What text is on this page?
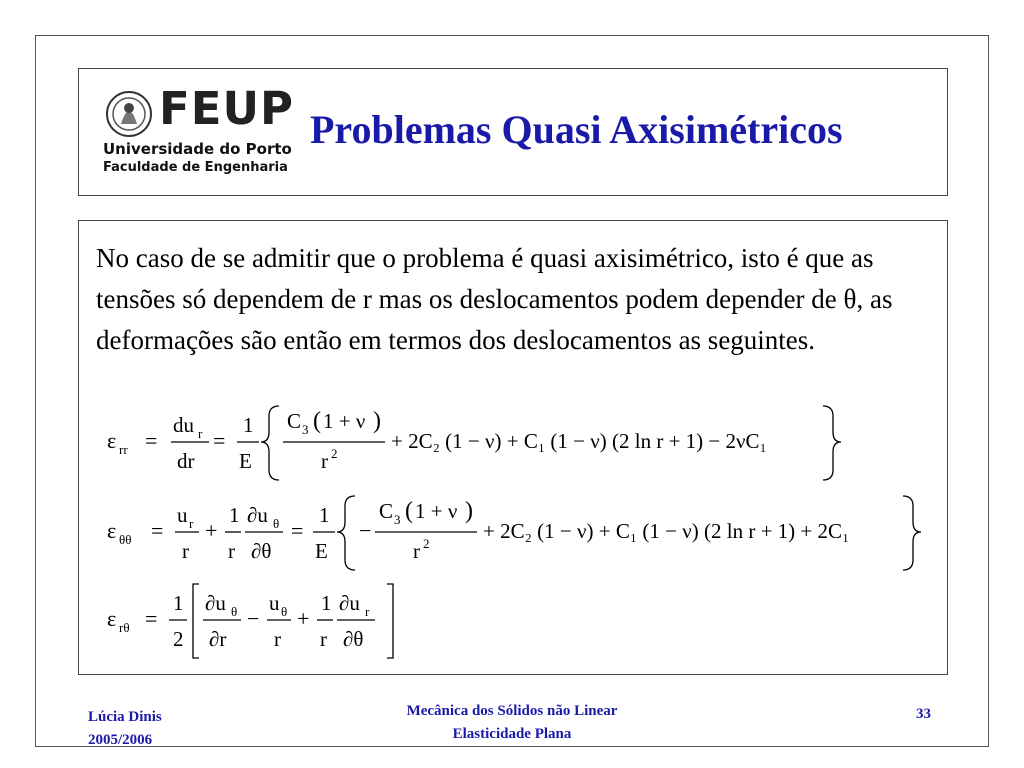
FEUP
Universidade do Porto
Faculdade de Engenharia
Problemas Quasi Axisimétricos

No caso de se admitir que o problema é quasi axisimétrico, isto é que as tensões só dependem de r mas os deslocamentos podem depender de θ, as deformações são então em termos dos deslocamentos as seguintes.

ε rr =
du r
dr
=
1
E
C 3 ( 1 + ν )
r 2
+ 2C₂ (1 − ν) + C₁ (1 − ν) (2 ln r + 1) − 2νC₁
ε θθ =
u r
r
+
1
r
∂u θ
∂θ
=
1
E
−
C 3 ( 1 + ν )
r 2
+ 2C₂ (1 − ν) + C₁ (1 − ν) (2 ln r + 1) + 2C₁
ε rθ =
1
2
∂u θ
∂r
−
u θ
r
+
1
r
∂u r
∂θ
Lúcia Dinis
2005/2006
Mecânica dos Sólidos não Linear
Elasticidade Plana
33
